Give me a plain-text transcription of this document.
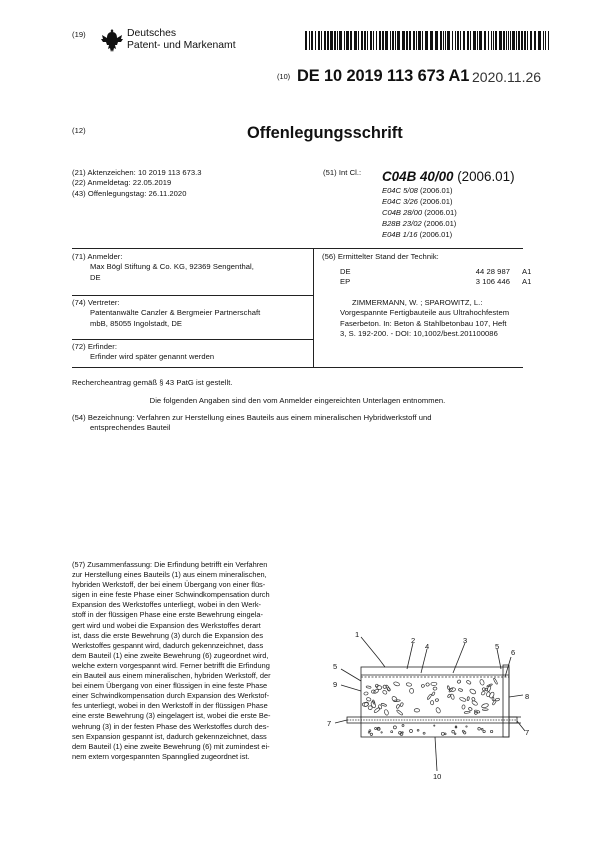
(19)	Deutsches
Patent- und Markenamt
(10) DE 10 2019 113 673 A1 2020.11.26
(12)	Offenlegungsschrift
(21) Aktenzeichen: 10 2019 113 673.3
(22) Anmeldetag: 22.05.2019
(43) Offenlegungstag: 26.11.2020
(51) Int Cl.: C04B 40/00 (2006.01)
E04C 5/08 (2006.01)
E04C 3/26 (2006.01)
C04B 28/00 (2006.01)
B28B 23/02 (2006.01)
E04B 1/16 (2006.01)
(71) Anmelder:
Max Bögl Stiftung & Co. KG, 92369 Sengenthal,
DE
(74) Vertreter:
Patentanwälte Canzler & Bergmeier Partnerschaft
mbB, 85055 Ingolstadt, DE
(72) Erfinder:
Erfinder wird später genannt werden
(56) Ermittelter Stand der Technik:
DE	44 28 987	A1
EP	3 106 446	A1
ZIMMERMANN, W. ; SPAROWITZ, L.:
Vorgespannte Fertigbauteile aus Ultrahochfestem
Faserbeton. In: Beton & Stahlbetonbau 107, Heft
3, S. 192-200. - DOI: 10,1002/best.201100086
Rechercheantrag gemäß § 43 PatG ist gestellt.
Die folgenden Angaben sind den vom Anmelder eingereichten Unterlagen entnommen.
(54) Bezeichnung: Verfahren zur Herstellung eines Bauteils aus einem mineralischen Hybridwerkstoff und
entsprechendes Bauteil

(57) Zusammenfassung: Die Erfindung betrifft ein Verfahren

zur Herstellung eines Bauteils (1) aus einem mineralischen,

hybriden Werkstoff, der bei einem Übergang von einer flüs-

sigen in eine feste Phase einer Schwindkompensation durch

Expansion des Werkstoffes unterliegt, wobei in den Werk-

stoff in der flüssigen Phase eine erste Bewehrung eingela-

gert wird und wobei die Expansion des Werkstoffes derart

ist, dass die erste Bewehrung (3) durch die Expansion des

Werkstoffes gespannt wird, dadurch gekennzeichnet, dass

dem Bauteil (1) eine zweite Bewehrung (6) zugeordnet wird,

welche extern vorgespannt wird. Ferner betrifft die Erfindung

ein Bauteil aus einem mineralischen, hybriden Werkstoff, der

bei einem Übergang von einer flüssigen in eine feste Phase

einer Schwindkompensation durch Expansion des Werkstof-

fes unterliegt, wobei in den Werkstoff in der flüssigen Phase

eine erste Bewehrung (3) eingelagert ist, wobei die erste Be-

wehrung (3) in der festen Phase des Werkstoffes durch des-

sen Expansion gespannt ist, dadurch gekennzeichnet, dass

dem Bauteil (1) eine zweite Bewehrung (6) mit zumindest ei-

nem extern vorgespannten Spannglied zugeordnet ist.

1
2
4
3
5
6
5
9
8
7
7
10
